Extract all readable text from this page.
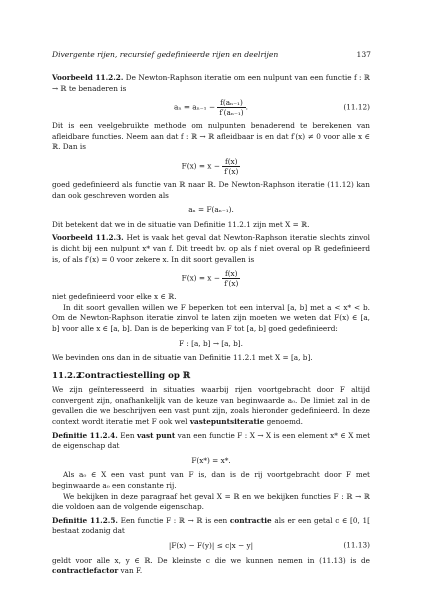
Divergente rijen, recursief gedefinieerde rijen en deelrijen	137

Voorbeeld 11.2.2. De Newton-Raphson iteratie om een nulpunt van een functie f : ℝ → ℝ te benaderen is

$a_n = a_{n-1} - \frac{\text{f(aₙ₋₁)}}{\text{f′(aₙ₋₁)}}$ .	(11.12)

Dit is een veelgebruikte methode om nulpunten benaderend te berekenen van afleidbare functies. Neem aan dat f : ℝ → ℝ afleidbaar is en dat f′(x) ≠ 0 voor alle x ∈ ℝ. Dan is

$F(x) = x - \frac{f(x)}{f'(x)}$

goed gedefinieerd als functie van ℝ naar ℝ. De Newton-Raphson iteratie (11.12) kan dan ook geschreven worden als

aₙ = F(aₙ₋₁).

Dit betekent dat we in de situatie van Definitie 11.2.1 zijn met X = ℝ.

Voorbeeld 11.2.3. Het is vaak het geval dat Newton-Raphson iteratie slechts zinvol is dicht bij een nulpunt x* van f. Dit treedt bv. op als f niet overal op ℝ gedefinieerd is, of als f′(x) = 0 voor zekere x. In dit soort gevallen is

$F(x) = x - \frac{f(x)}{f'(x)}$

niet gedefinieerd voor elke x ∈ ℝ.

In dit soort gevallen willen we F beperken tot een interval [a, b] met a < x* < b. Om de Newton-Raphson iteratie zinvol te laten zijn moeten we weten dat F(x) ∈ [a, b] voor alle x ∈ [a, b]. Dan is de beperking van F tot [a, b] goed gedefinieerd:

F : [a, b] → [a, b].

We bevinden ons dan in de situatie van Definitie 11.2.1 met X = [a, b].

11.2.2Contractiestelling op ℝ

We zijn geïnteresseerd in situaties waarbij rijen voortgebracht door F altijd convergent zijn, onafhankelijk van de keuze van beginwaarde a₀. De limiet zal in de gevallen die we beschrijven een vast punt zijn, zoals hieronder gedefinieerd. In deze context wordt iteratie met F ook wel vastepuntsiteratie genoemd.

Definitie 11.2.4. Een vast punt van een functie F : X → X is een element x* ∈ X met de eigenschap dat

F(x*) = x*.

Als a₀ ∈ X een vast punt van F is, dan is de rij voortgebracht door F met beginwaarde a₀ een constante rij.

We bekijken in deze paragraaf het geval X = ℝ en we bekijken functies F : ℝ → ℝ die voldoen aan de volgende eigenschap.

Definitie 11.2.5. Een functie F : ℝ → ℝ is een contractie als er een getal c ∈ [0, 1[ bestaat zodanig dat

|F(x) − F(y)| ≤ c|x − y|	(11.13)

geldt voor alle x, y ∈ ℝ. De kleinste c die we kunnen nemen in (11.13) is de contractiefactor van F.
